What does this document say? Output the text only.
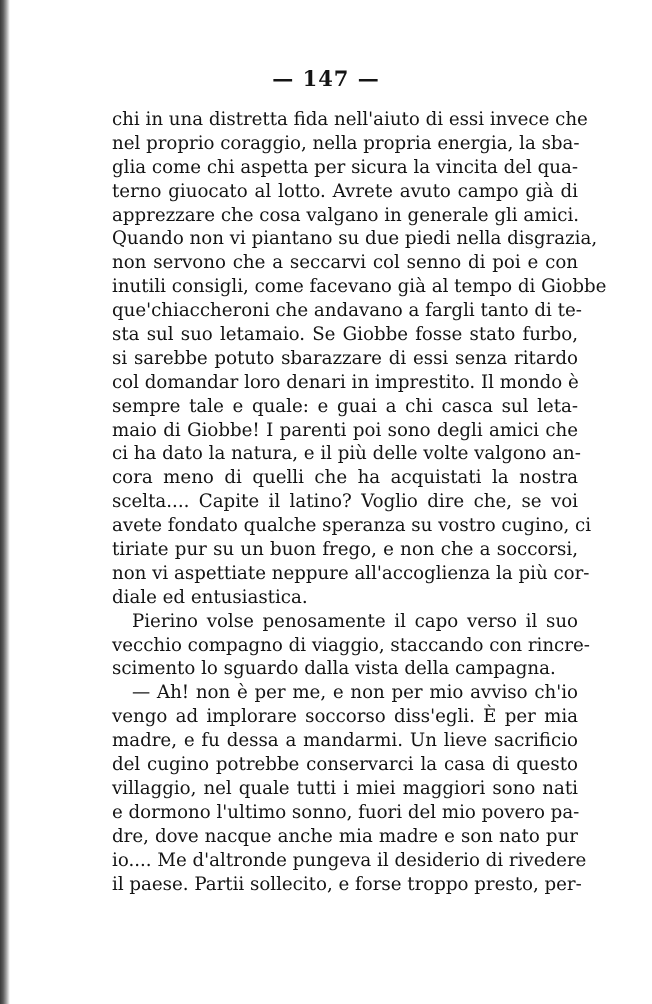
— 147 —
chi in una distretta fida nell'aiuto di essi invece che
nel proprio coraggio, nella propria energia, la sba-
glia come chi aspetta per sicura la vincita del qua-
terno giuocato al lotto. Avrete avuto campo già di
apprezzare che cosa valgano in generale gli amici.
Quando non vi piantano su due piedi nella disgrazia,
non servono che a seccarvi col senno di poi e con
inutili consigli, come facevano già al tempo di Giobbe
que'chiaccheroni che andavano a fargli tanto di te-
sta sul suo letamaio. Se Giobbe fosse stato furbo,
si sarebbe potuto sbarazzare di essi senza ritardo
col domandar loro denari in imprestito. Il mondo è
sempre tale e quale: e guai a chi casca sul leta-
maio di Giobbe! I parenti poi sono degli amici che
ci ha dato la natura, e il più delle volte valgono an-
cora meno di quelli che ha acquistati la nostra
scelta.... Capite il latino? Voglio dire che, se voi
avete fondato qualche speranza su vostro cugino, ci
tiriate pur su un buon frego, e non che a soccorsi,
non vi aspettiate neppure all'accoglienza la più cor-
diale ed entusiastica.
Pierino volse penosamente il capo verso il suo
vecchio compagno di viaggio, staccando con rincre-
scimento lo sguardo dalla vista della campagna.
— Ah! non è per me, e non per mio avviso ch'io
vengo ad implorare soccorso diss'egli. È per mia
madre, e fu dessa a mandarmi. Un lieve sacrificio
del cugino potrebbe conservarci la casa di questo
villaggio, nel quale tutti i miei maggiori sono nati
e dormono l'ultimo sonno, fuori del mio povero pa-
dre, dove nacque anche mia madre e son nato pur
io.... Me d'altronde pungeva il desiderio di rivedere
il paese. Partii sollecito, e forse troppo presto, per-
